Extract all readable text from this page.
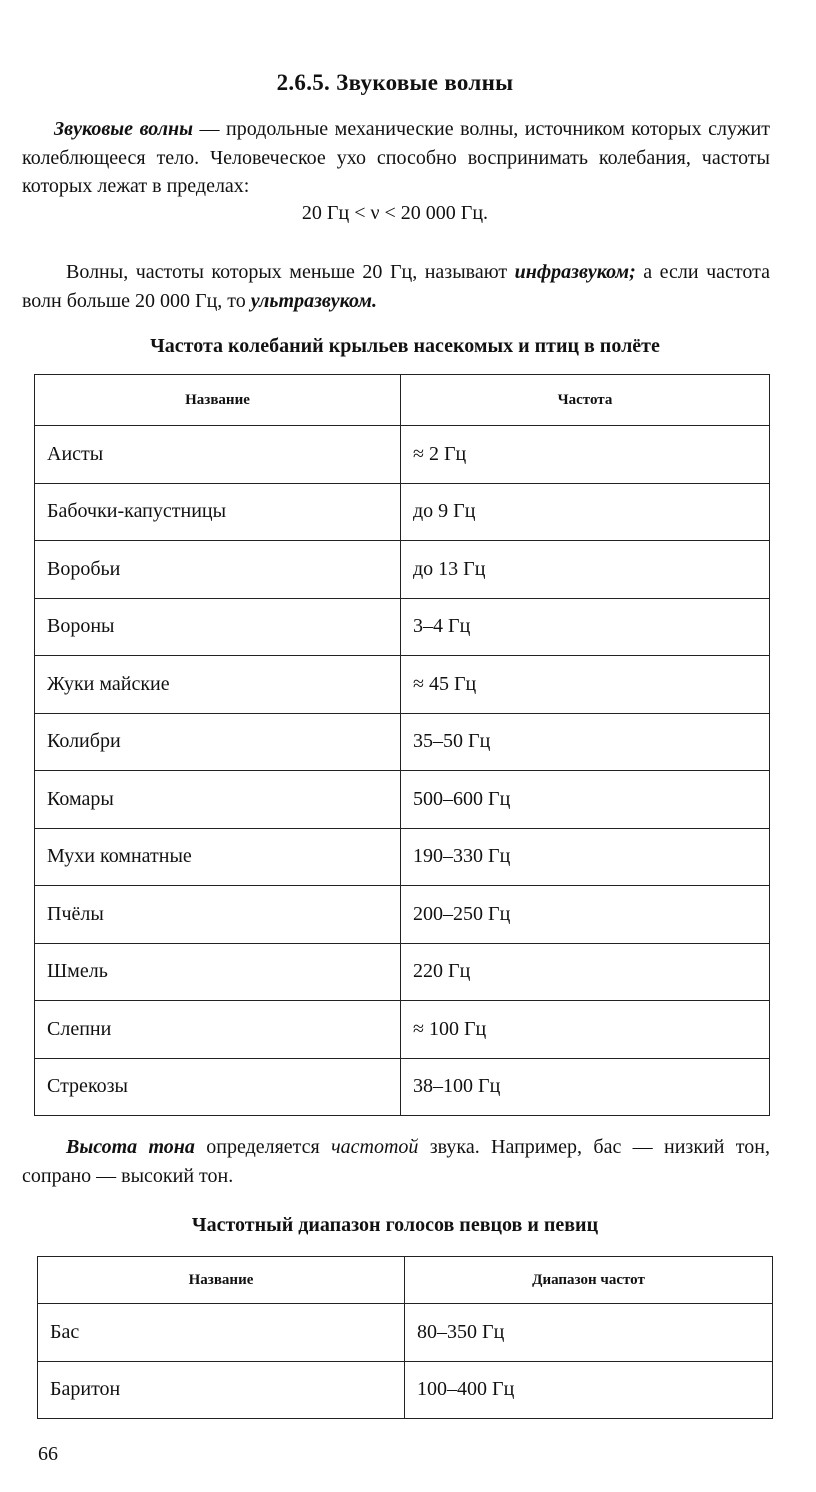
2.6.5. Звуковые волны
Звуковые волны — продольные механические волны, источником которых служит колеблющееся тело. Человеческое ухо способно воспринимать колебания, частоты которых лежат в пределах:
20 Гц < ν < 20 000 Гц.
Волны, частоты которых меньше 20 Гц, называют инфразвуком; а если частота волн больше 20 000 Гц, то ультразвуком.
Частота колебаний крыльев насекомых и птиц в полёте
Название	Частота
Аисты	≈ 2 Гц
Бабочки-капустницы	до 9 Гц
Воробьи	до 13 Гц
Вороны	3–4 Гц
Жуки майские	≈ 45 Гц
Колибри	35–50 Гц
Комары	500–600 Гц
Мухи комнатные	190–330 Гц
Пчёлы	200–250 Гц
Шмель	220 Гц
Слепни	≈ 100 Гц
Стрекозы	38–100 Гц
Высота тона определяется частотой звука. Например, бас — низкий тон, сопрано — высокий тон.
Частотный диапазон голосов певцов и певиц
Название	Диапазон частот
Бас	80–350 Гц
Баритон	100–400 Гц
66
